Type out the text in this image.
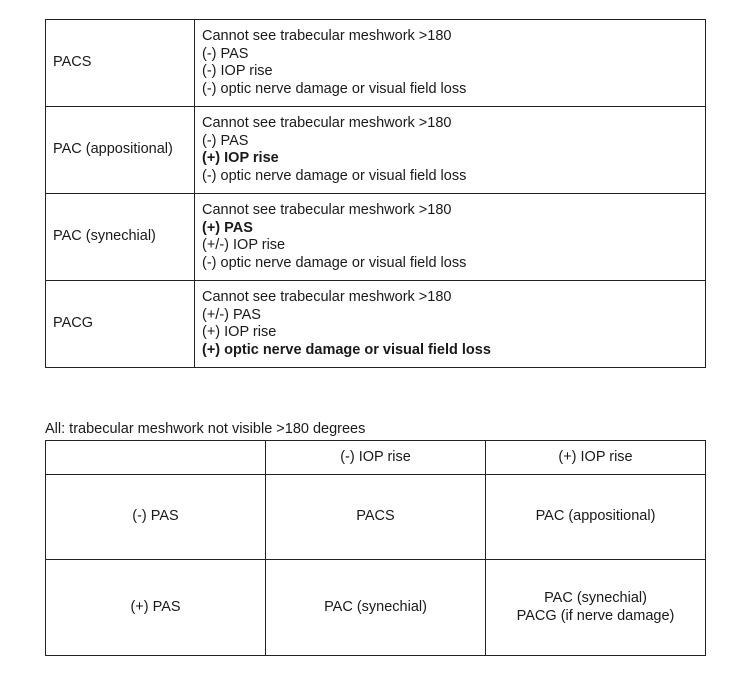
PACS	Cannot see trabecular meshwork >180
(-) PAS
(-) IOP rise
(-) optic nerve damage or visual field loss

PAC (appositional)	Cannot see trabecular meshwork >180
(-) PAS
(+) IOP rise
(-) optic nerve damage or visual field loss

PAC (synechial)	Cannot see trabecular meshwork >180
(+) PAS
(+/-) IOP rise
(-) optic nerve damage or visual field loss

PACG	Cannot see trabecular meshwork >180
(+/-) PAS
(+) IOP rise
(+) optic nerve damage or visual field loss
All: trabecular meshwork not visible >180 degrees
	(-) IOP rise	(+) IOP rise
(-) PAS	PACS	PAC (appositional)

(+) PAS	PAC (synechial)	PAC (synechial)
PACG (if nerve damage)
